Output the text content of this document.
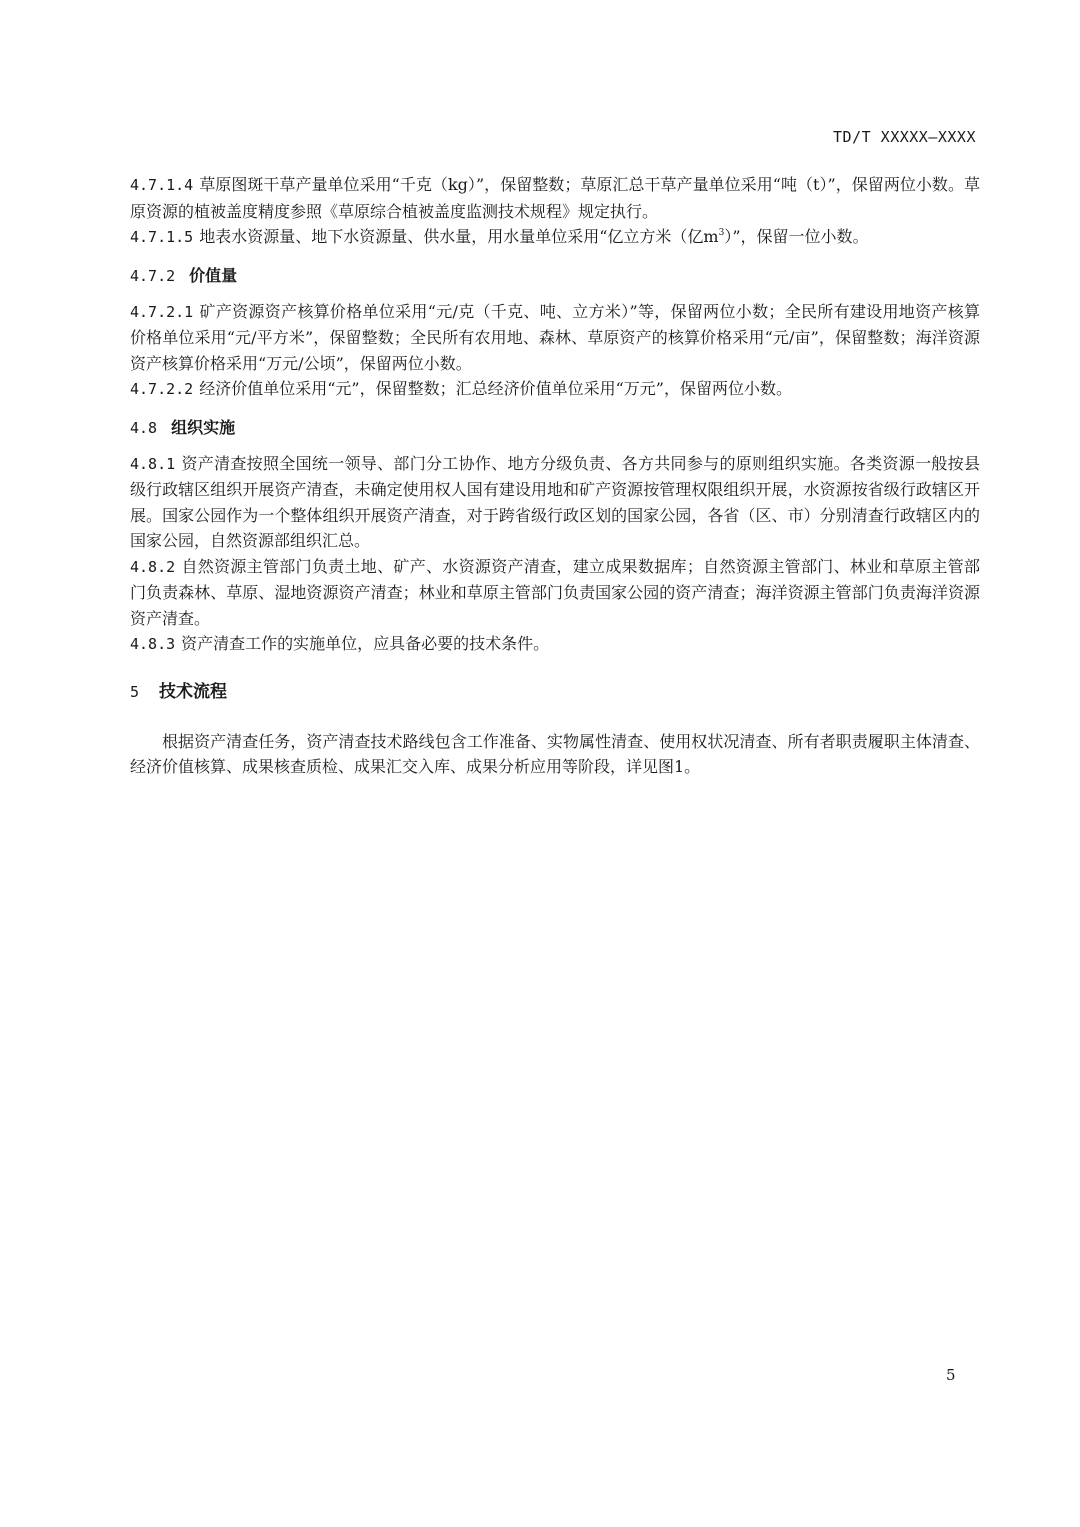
TD/T XXXXX—XXXX

4.7.1.4 草原图斑干草产量单位采用“千克（kg）”，保留整数；草原汇总干草产量单位采用“吨（t）”，保留两位小数。草原资源的植被盖度精度参照《草原综合植被盖度监测技术规程》规定执行。

4.7.1.5 地表水资源量、地下水资源量、供水量，用水量单位采用“亿立方米（亿$m^3$）”，保留一位小数。

4.7.2 价值量

4.7.2.1 矿产资源资产核算价格单位采用“元/克（千克、吨、立方米）”等，保留两位小数；全民所有建设用地资产核算价格单位采用“元/平方米”，保留整数；全民所有农用地、森林、草原资产的核算价格采用“元/亩”，保留整数；海洋资源资产核算价格采用“万元/公顷”，保留两位小数。

4.7.2.2 经济价值单位采用“元”，保留整数；汇总经济价值单位采用“万元”，保留两位小数。

4.8 组织实施

4.8.1 资产清查按照全国统一领导、部门分工协作、地方分级负责、各方共同参与的原则组织实施。各类资源一般按县级行政辖区组织开展资产清查，未确定使用权人国有建设用地和矿产资源按管理权限组织开展，水资源按省级行政辖区开展。国家公园作为一个整体组织开展资产清查，对于跨省级行政区划的国家公园，各省（区、市）分别清查行政辖区内的国家公园，自然资源部组织汇总。

4.8.2 自然资源主管部门负责土地、矿产、水资源资产清查，建立成果数据库；自然资源主管部门、林业和草原主管部门负责森林、草原、湿地资源资产清查；林业和草原主管部门负责国家公园的资产清查；海洋资源主管部门负责海洋资源资产清查。

4.8.3 资产清查工作的实施单位，应具备必要的技术条件。

5 技术流程

根据资产清查任务，资产清查技术路线包含工作准备、实物属性清查、使用权状况清查、所有者职责履职主体清查、经济价值核算、成果核查质检、成果汇交入库、成果分析应用等阶段，详见图1。

5
